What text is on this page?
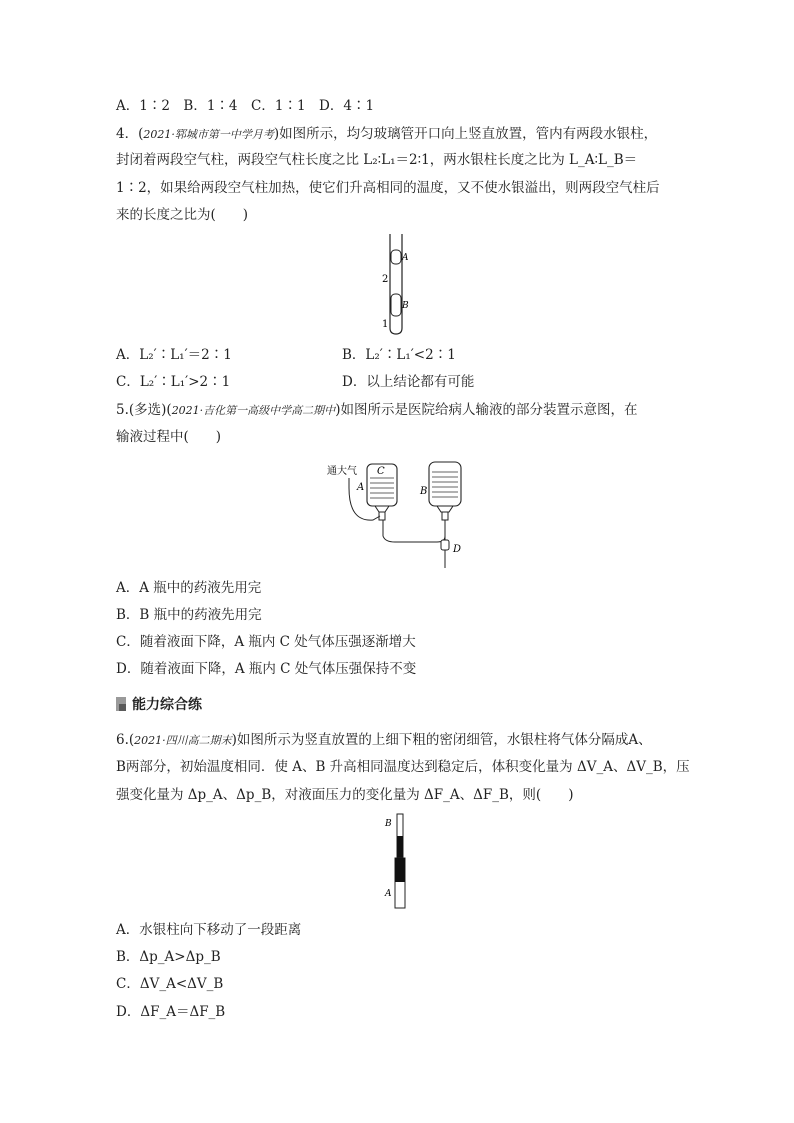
A．1∶2　B．1∶4　C．1∶1　D．4∶1
4．(2021·郓城市第一中学月考)如图所示，均匀玻璃管开口向上竖直放置，管内有两段水银柱，
封闭着两段空气柱，两段空气柱长度之比 L₂∶L₁＝2∶1，两水银柱长度之比为 L_A∶L_B＝
1∶2，如果给两段空气柱加热，使它们升高相同的温度，又不使水银溢出，则两段空气柱后
来的长度之比为(　　)
A
2
B
1
A．L₂′∶L₁′＝2∶1	B．L₂′∶L₁′<2∶1
C．L₂′∶L₁′>2∶1	D．以上结论都有可能
5.(多选)(2021·吉化第一高级中学高二期中)如图所示是医院给病人输液的部分装置示意图，在
输液过程中(　　)
通大气 C
A	B
D
A．A 瓶中的药液先用完
B．B 瓶中的药液先用完
C．随着液面下降，A 瓶内 C 处气体压强逐渐增大
D．随着液面下降，A 瓶内 C 处气体压强保持不变
能力综合练
6.(2021·四川高二期末)如图所示为竖直放置的上细下粗的密闭细管，水银柱将气体分隔成A、
B两部分，初始温度相同．使 A、B 升高相同温度达到稳定后，体积变化量为 ΔV_A、ΔV_B，压
强变化量为 Δp_A、Δp_B，对液面压力的变化量为 ΔF_A、ΔF_B，则(　　)
B
A
A．水银柱向下移动了一段距离
B．Δp_A>Δp_B
C．ΔV_A<ΔV_B
D．ΔF_A＝ΔF_B
